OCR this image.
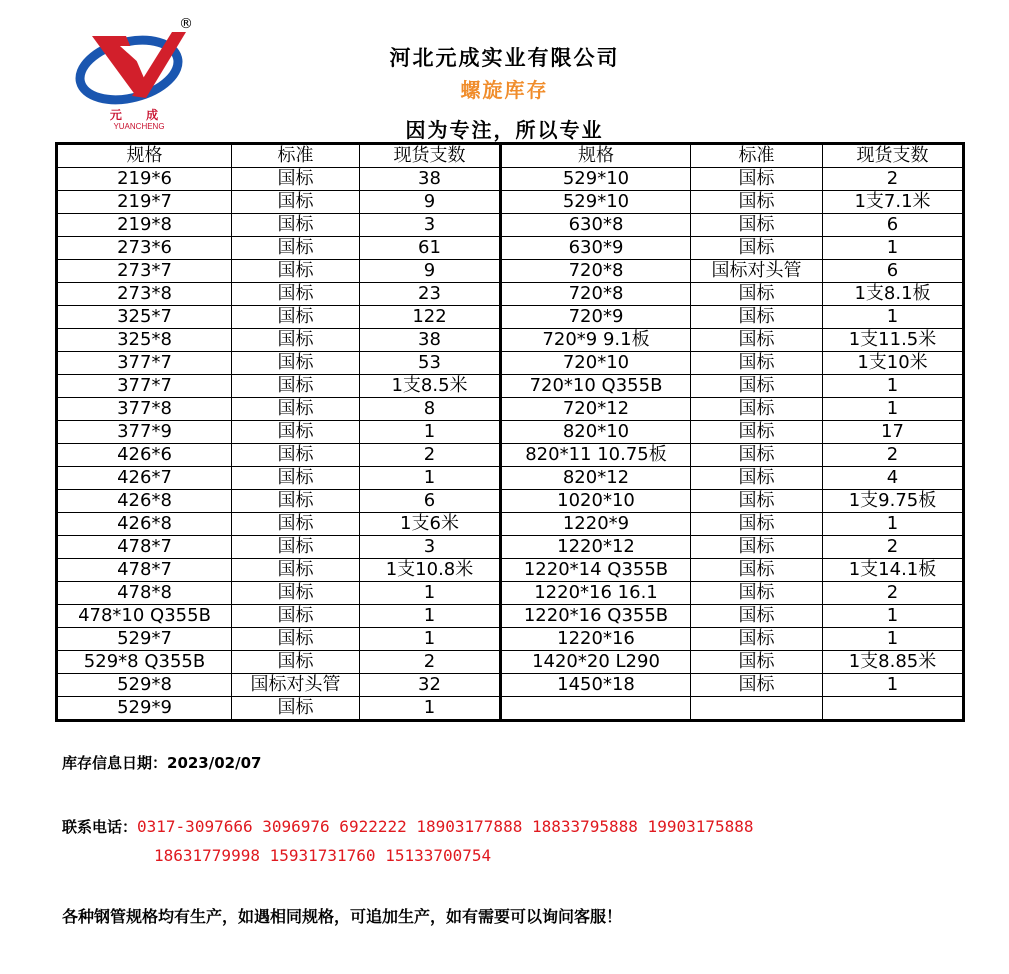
®
元 成
YUANCHENG
河北元成实业有限公司
螺旋库存
因为专注，所以专业
规格	标准	现货支数	规格	标准	现货支数
219*6	国标	38	529*10	国标	2
219*7	国标	9	529*10	国标	1支7.1米
219*8	国标	3	630*8	国标	6
273*6	国标	61	630*9	国标	1
273*7	国标	9	720*8	国标对头管	6
273*8	国标	23	720*8	国标	1支8.1板
325*7	国标	122	720*9	国标	1
325*8	国标	38	720*9 9.1板	国标	1支11.5米
377*7	国标	53	720*10	国标	1支10米
377*7	国标	1支8.5米	720*10 Q355B	国标	1
377*8	国标	8	720*12	国标	1
377*9	国标	1	820*10	国标	17
426*6	国标	2	820*11 10.75板	国标	2
426*7	国标	1	820*12	国标	4
426*8	国标	6	1020*10	国标	1支9.75板
426*8	国标	1支6米	1220*9	国标	1
478*7	国标	3	1220*12	国标	2
478*7	国标	1支10.8米	1220*14 Q355B	国标	1支14.1板
478*8	国标	1	1220*16 16.1	国标	2
478*10 Q355B	国标	1	1220*16 Q355B	国标	1
529*7	国标	1	1220*16	国标	1
529*8 Q355B	国标	2	1420*20 L290	国标	1支8.85米
529*8	国标对头管	32	1450*18	国标	1
529*9	国标	1			
库存信息日期：2023/02/07
联系电话：0317-3097666 3096976 6922222 18903177888 18833795888 19903175888
18631779998 15931731760 15133700754
各种钢管规格均有生产，如遇相同规格，可追加生产，如有需要可以询问客服！
